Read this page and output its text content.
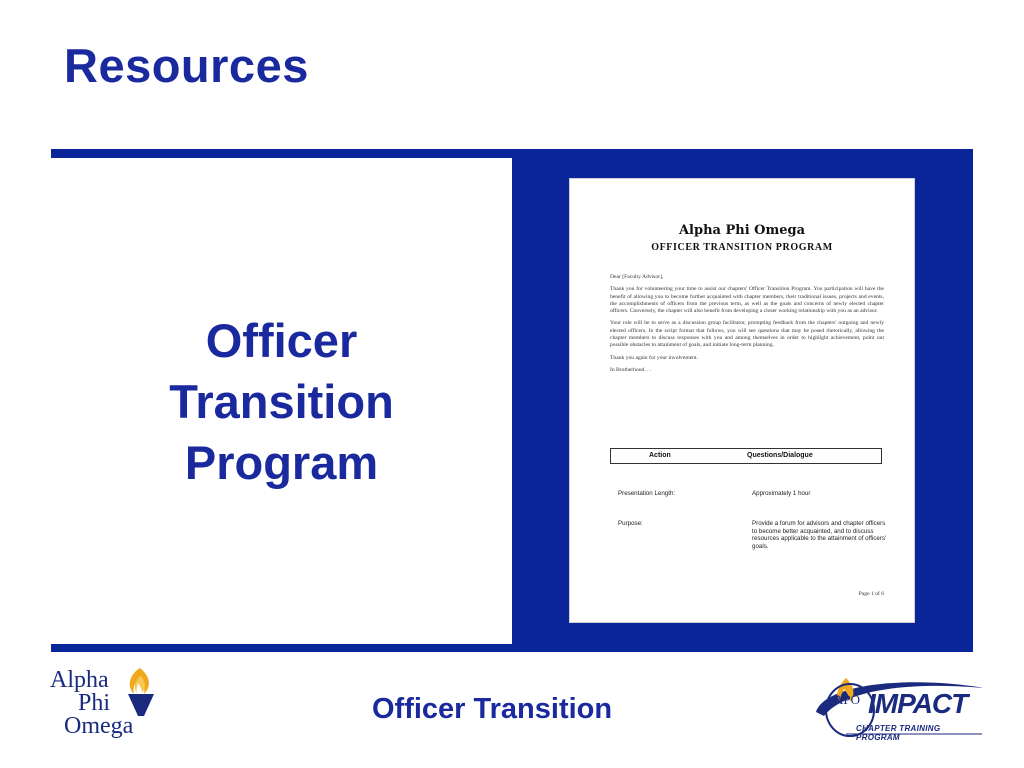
Resources
Officer
Transition
Program
Alpha Phi Omega
OFFICER TRANSITION PROGRAM

Dear [Faculty Advisor],

Thank you for volunteering your time to assist our chapters' Officer Transition Program. You participation will have the benefit of allowing you to become further acquainted with chapter members, their traditional issues, projects and events, the accomplishments of officers from the previous term, as well as the goals and concerns of newly elected chapter officers. Conversely, the chapter will also benefit from developing a closer working relationship with you as an advisor.

Your role will be to serve as a discussion group facilitator, prompting feedback from the chapters' outgoing and newly elected officers. In the script format that follows, you will see questions that may be posed rhetorically, allowing the chapter members to discuss responses with you and among themselves in order to highlight achievement, point out possible obstacles to attainment of goals, and initiate long-term planning.

Thank you again for your involvement.

In Brotherhood. . .

Action	Questions/Dialogue
Presentation Length:	Approximately 1 hour
Purpose:	Provide a forum for advisors and chapter officers to become better acquainted, and to discuss resources applicable to the attainment of officers' goals.
Page 1 of 6
Alpha
Phi
Omega
Officer Transition	APO IMPACT
CHAPTER TRAINING PROGRAM
